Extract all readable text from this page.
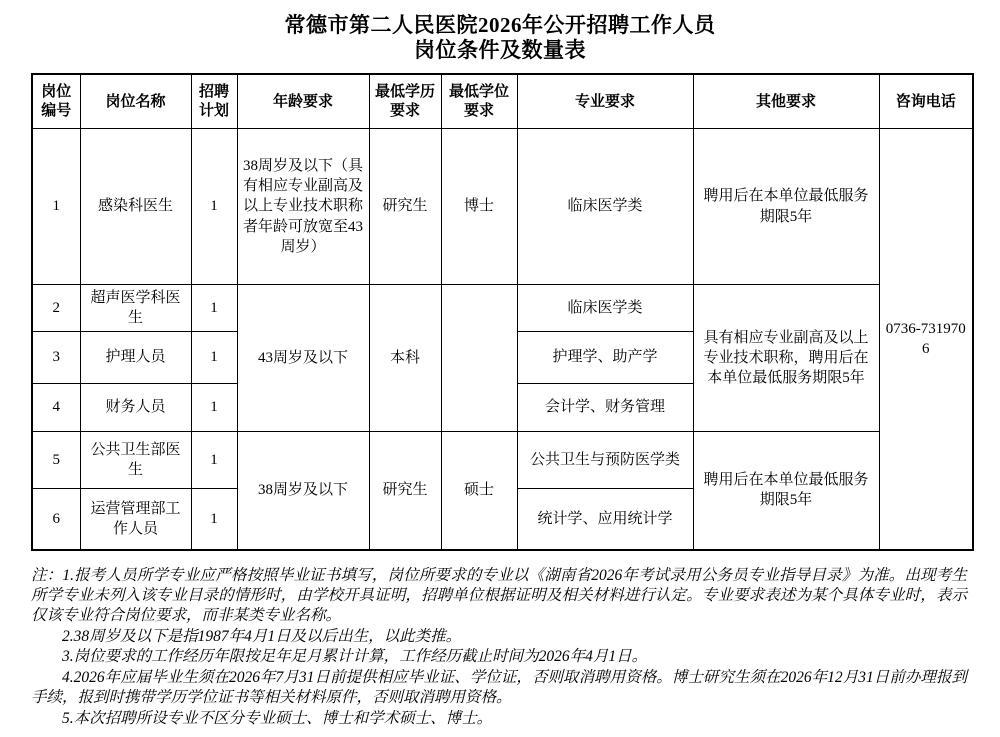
常德市第二人民医院2026年公开招聘工作人员
岗位条件及数量表
岗位编号	岗位名称	招聘计划	年龄要求	最低学历要求	最低学位要求	专业要求	其他要求	咨询电话
1	感染科医生	1	38周岁及以下（具有相应专业副高及以上专业技术职称者年龄可放宽至43周岁）	研究生	博士	临床医学类	聘用后在本单位最低服务期限5年	0736-7319706
2	超声医学科医生	1	43周岁及以下	本科		临床医学类	具有相应专业副高及以上专业技术职称，聘用后在本单位最低服务期限5年	
3	护理人员	1				护理学、助产学		
4	财务人员	1				会计学、财务管理		
5	公共卫生部医生	1	38周岁及以下	研究生	硕士	公共卫生与预防医学类	聘用后在本单位最低服务期限5年	
6	运营管理部工作人员	1				统计学、应用统计学		

注：1.报考人员所学专业应严格按照毕业证书填写，岗位所要求的专业以《湖南省2026年考试录用公务员专业指导目录》为准。出现考生所学专业未列入该专业目录的情形时，由学校开具证明，招聘单位根据证明及相关材料进行认定。专业要求表述为某个具体专业时，表示仅该专业符合岗位要求，而非某类专业名称。

2.38周岁及以下是指1987年4月1日及以后出生，以此类推。

3.岗位要求的工作经历年限按足年足月累计计算，工作经历截止时间为2026年4月1日。

4.2026年应届毕业生须在2026年7月31日前提供相应毕业证、学位证，否则取消聘用资格。博士研究生须在2026年12月31日前办理报到手续，报到时携带学历学位证书等相关材料原件，否则取消聘用资格。

5.本次招聘所设专业不区分专业硕士、博士和学术硕士、博士。
